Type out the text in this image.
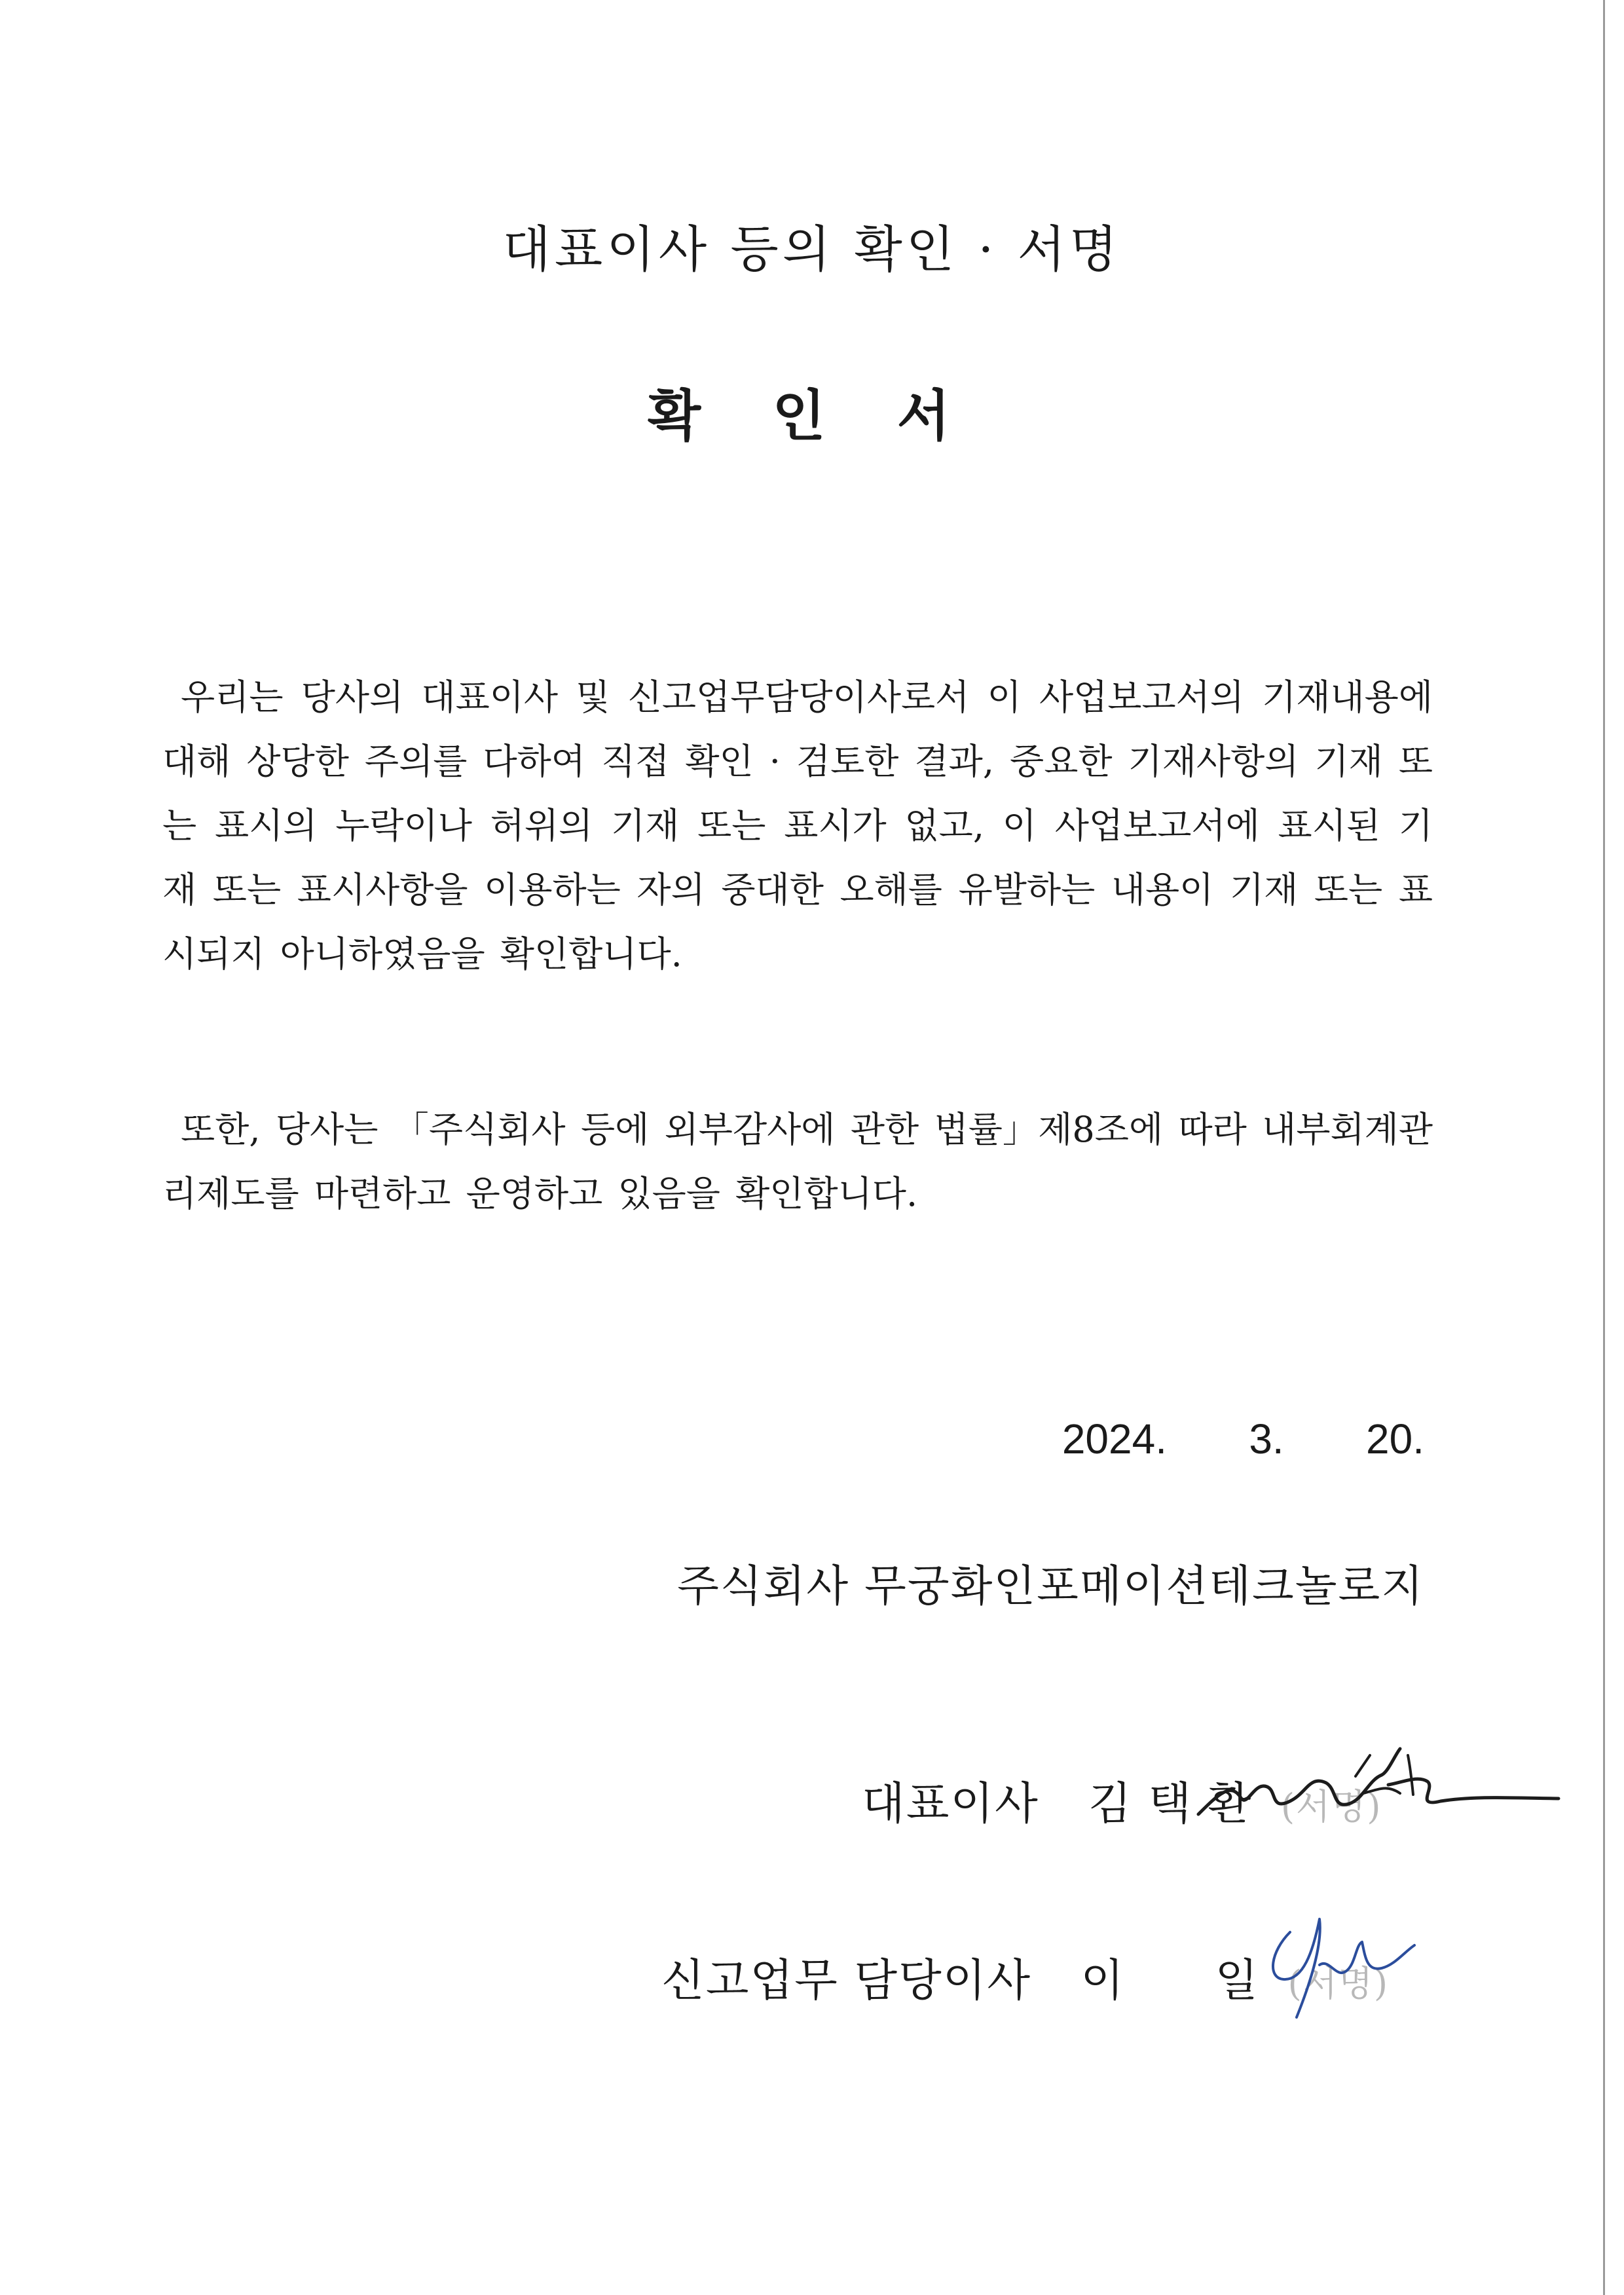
대표이사 등의 확인 · 서명
확 인 서
우리는 당사의 대표이사 및 신고업무담당이사로서 이 사업보고서의 기재내용에 대해 상당한 주의를 다하여 직접 확인 · 검토한 결과, 중요한 기재사항의 기재 또는 표시의 누락이나 허위의 기재 또는 표시가 없고, 이 사업보고서에 표시된 기재 또는 표시사항을 이용하는 자의 중대한 오해를 유발하는 내용이 기재 또는 표시되지 아니하였음을 확인합니다.
또한, 당사는 「주식회사 등에 외부감사에 관한 법률」제8조에 따라 내부회계관리제도를 마련하고 운영하고 있음을 확인합니다.
2024.   3.   20.
주식회사 무궁화인포메이션테크놀로지
대표이사 김 택 환 (서명)
신고업무 담당이사 이 일 (서명)
